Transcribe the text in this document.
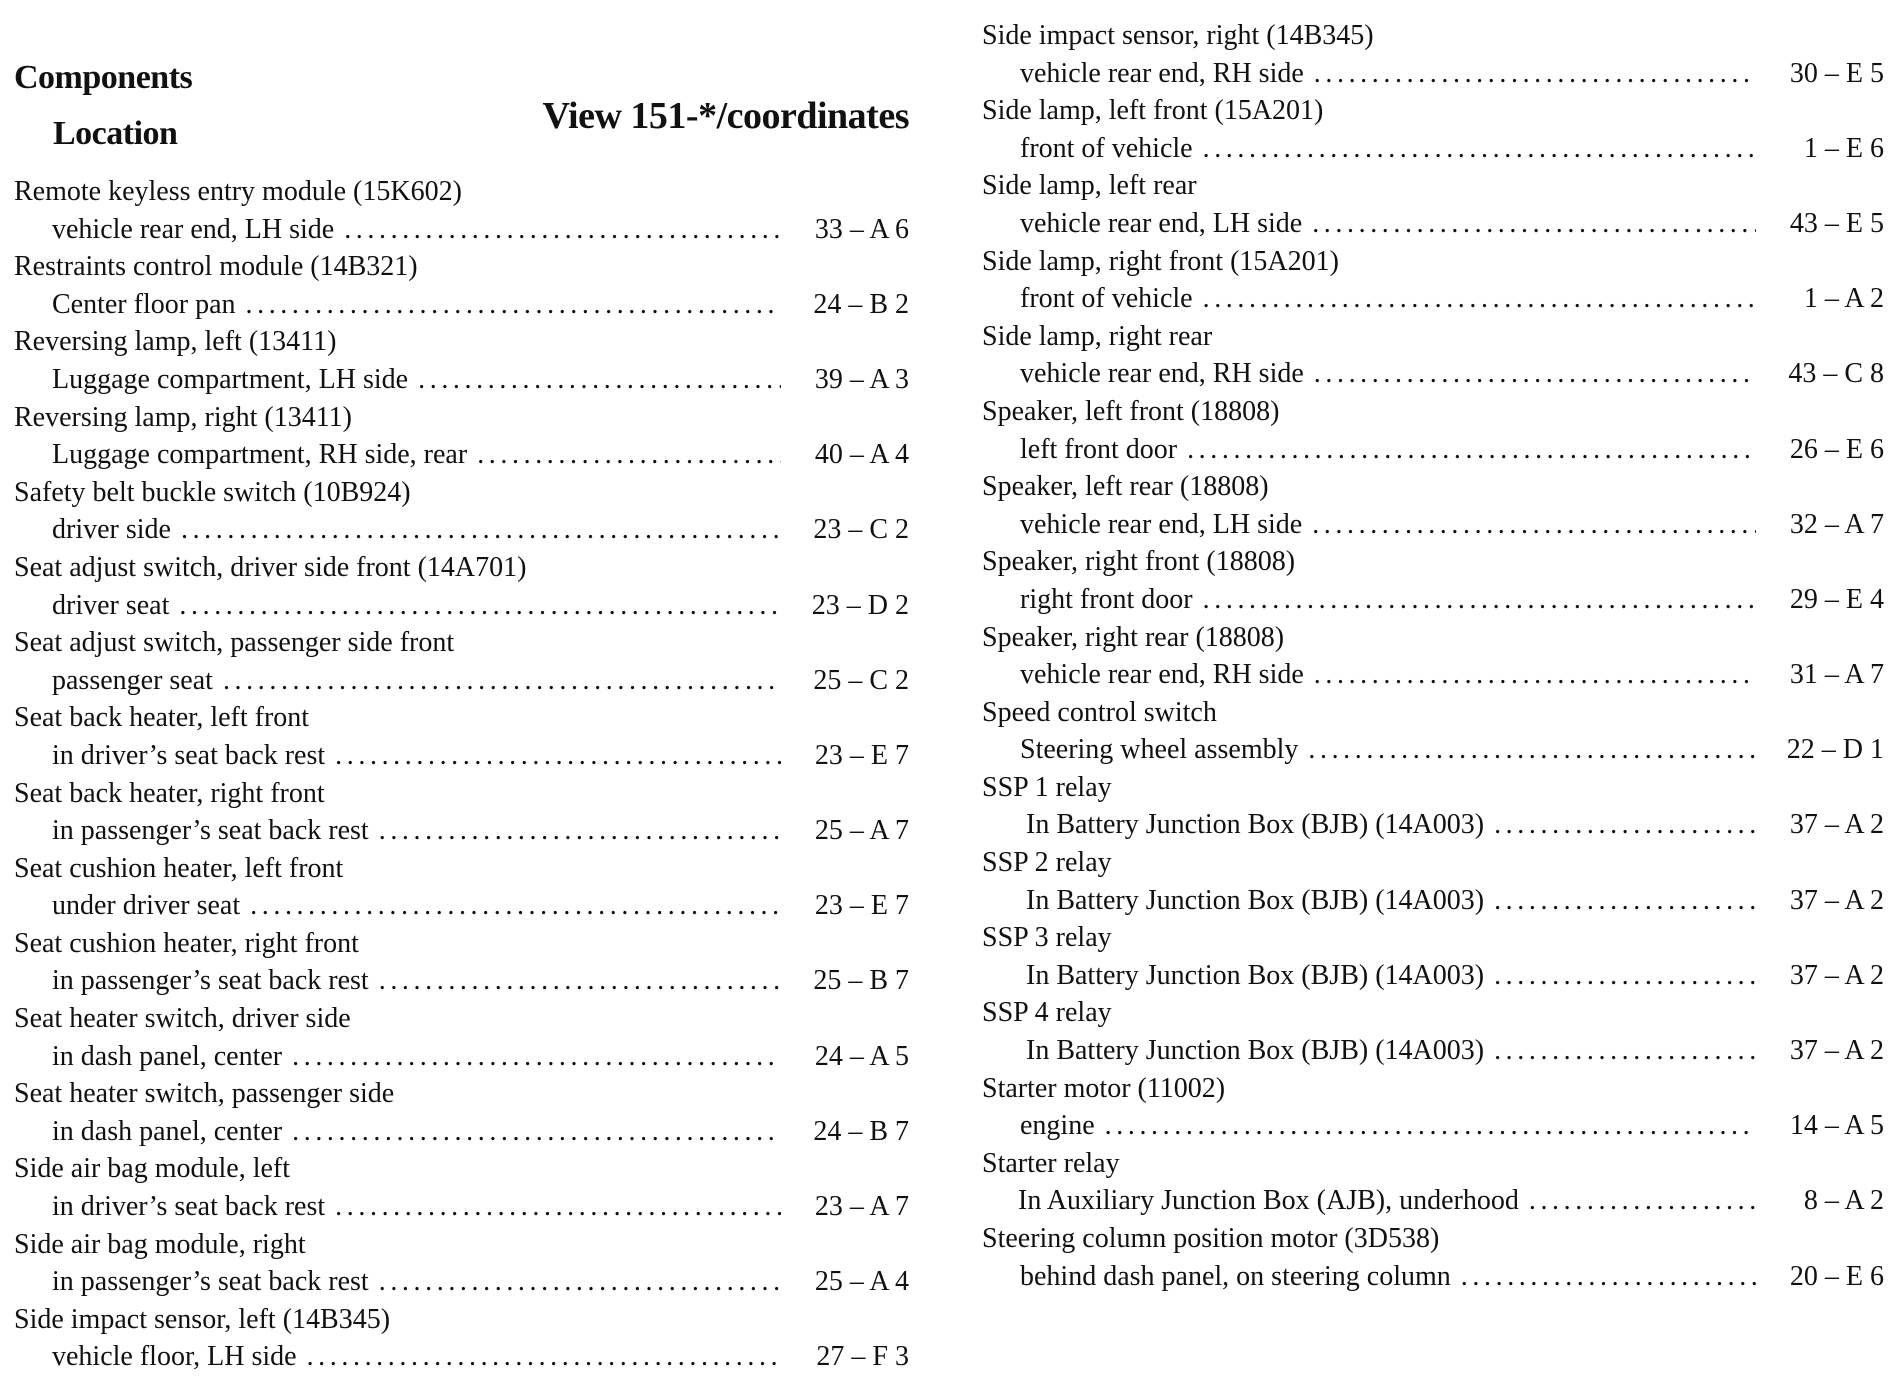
Components
Location	View 151-*/coordinates
Remote keyless entry module (15K602)
vehicle rear end, LH side . . .	33 – A 6
Restraints control module (14B321)
Center floor pan . . .	24 – B 2
Reversing lamp, left (13411)
Luggage compartment, LH side . . .	39 – A 3
Reversing lamp, right (13411)
Luggage compartment, RH side, rear . . .	40 – A 4
Safety belt buckle switch (10B924)
driver side . . .	23 – C 2
Seat adjust switch, driver side front (14A701)
driver seat . . .	23 – D 2
Seat adjust switch, passenger side front
passenger seat . . .	25 – C 2
Seat back heater, left front
in driver’s seat back rest . . .	23 – E 7
Seat back heater, right front
in passenger’s seat back rest . . .	25 – A 7
Seat cushion heater, left front
under driver seat . . .	23 – E 7
Seat cushion heater, right front
in passenger’s seat back rest . . .	25 – B 7
Seat heater switch, driver side
in dash panel, center . . .	24 – A 5
Seat heater switch, passenger side
in dash panel, center . . .	24 – B 7
Side air bag module, left
in driver’s seat back rest . . .	23 – A 7
Side air bag module, right
in passenger’s seat back rest . . .	25 – A 4
Side impact sensor, left (14B345)
vehicle floor, LH side . . .	27 – F 3
Side impact sensor, right (14B345)
vehicle rear end, RH side . . .	30 – E 5
Side lamp, left front (15A201)
front of vehicle . . .	1 – E 6
Side lamp, left rear
vehicle rear end, LH side . . .	43 – E 5
Side lamp, right front (15A201)
front of vehicle . . .	1 – A 2
Side lamp, right rear
vehicle rear end, RH side . . .	43 – C 8
Speaker, left front (18808)
left front door . . .	26 – E 6
Speaker, left rear (18808)
vehicle rear end, LH side . . .	32 – A 7
Speaker, right front (18808)
right front door . . .	29 – E 4
Speaker, right rear (18808)
vehicle rear end, RH side . . .	31 – A 7
Speed control switch
Steering wheel assembly . . .	22 – D 1
SSP 1 relay
In Battery Junction Box (BJB) (14A003) . . .	37 – A 2
SSP 2 relay
In Battery Junction Box (BJB) (14A003) . . .	37 – A 2
SSP 3 relay
In Battery Junction Box (BJB) (14A003) . . .	37 – A 2
SSP 4 relay
In Battery Junction Box (BJB) (14A003) . . .	37 – A 2
Starter motor (11002)
engine . . .	14 – A 5
Starter relay
In Auxiliary Junction Box (AJB), underhood . . .	8 – A 2
Steering column position motor (3D538)
behind dash panel, on steering column . . .	20 – E 6
